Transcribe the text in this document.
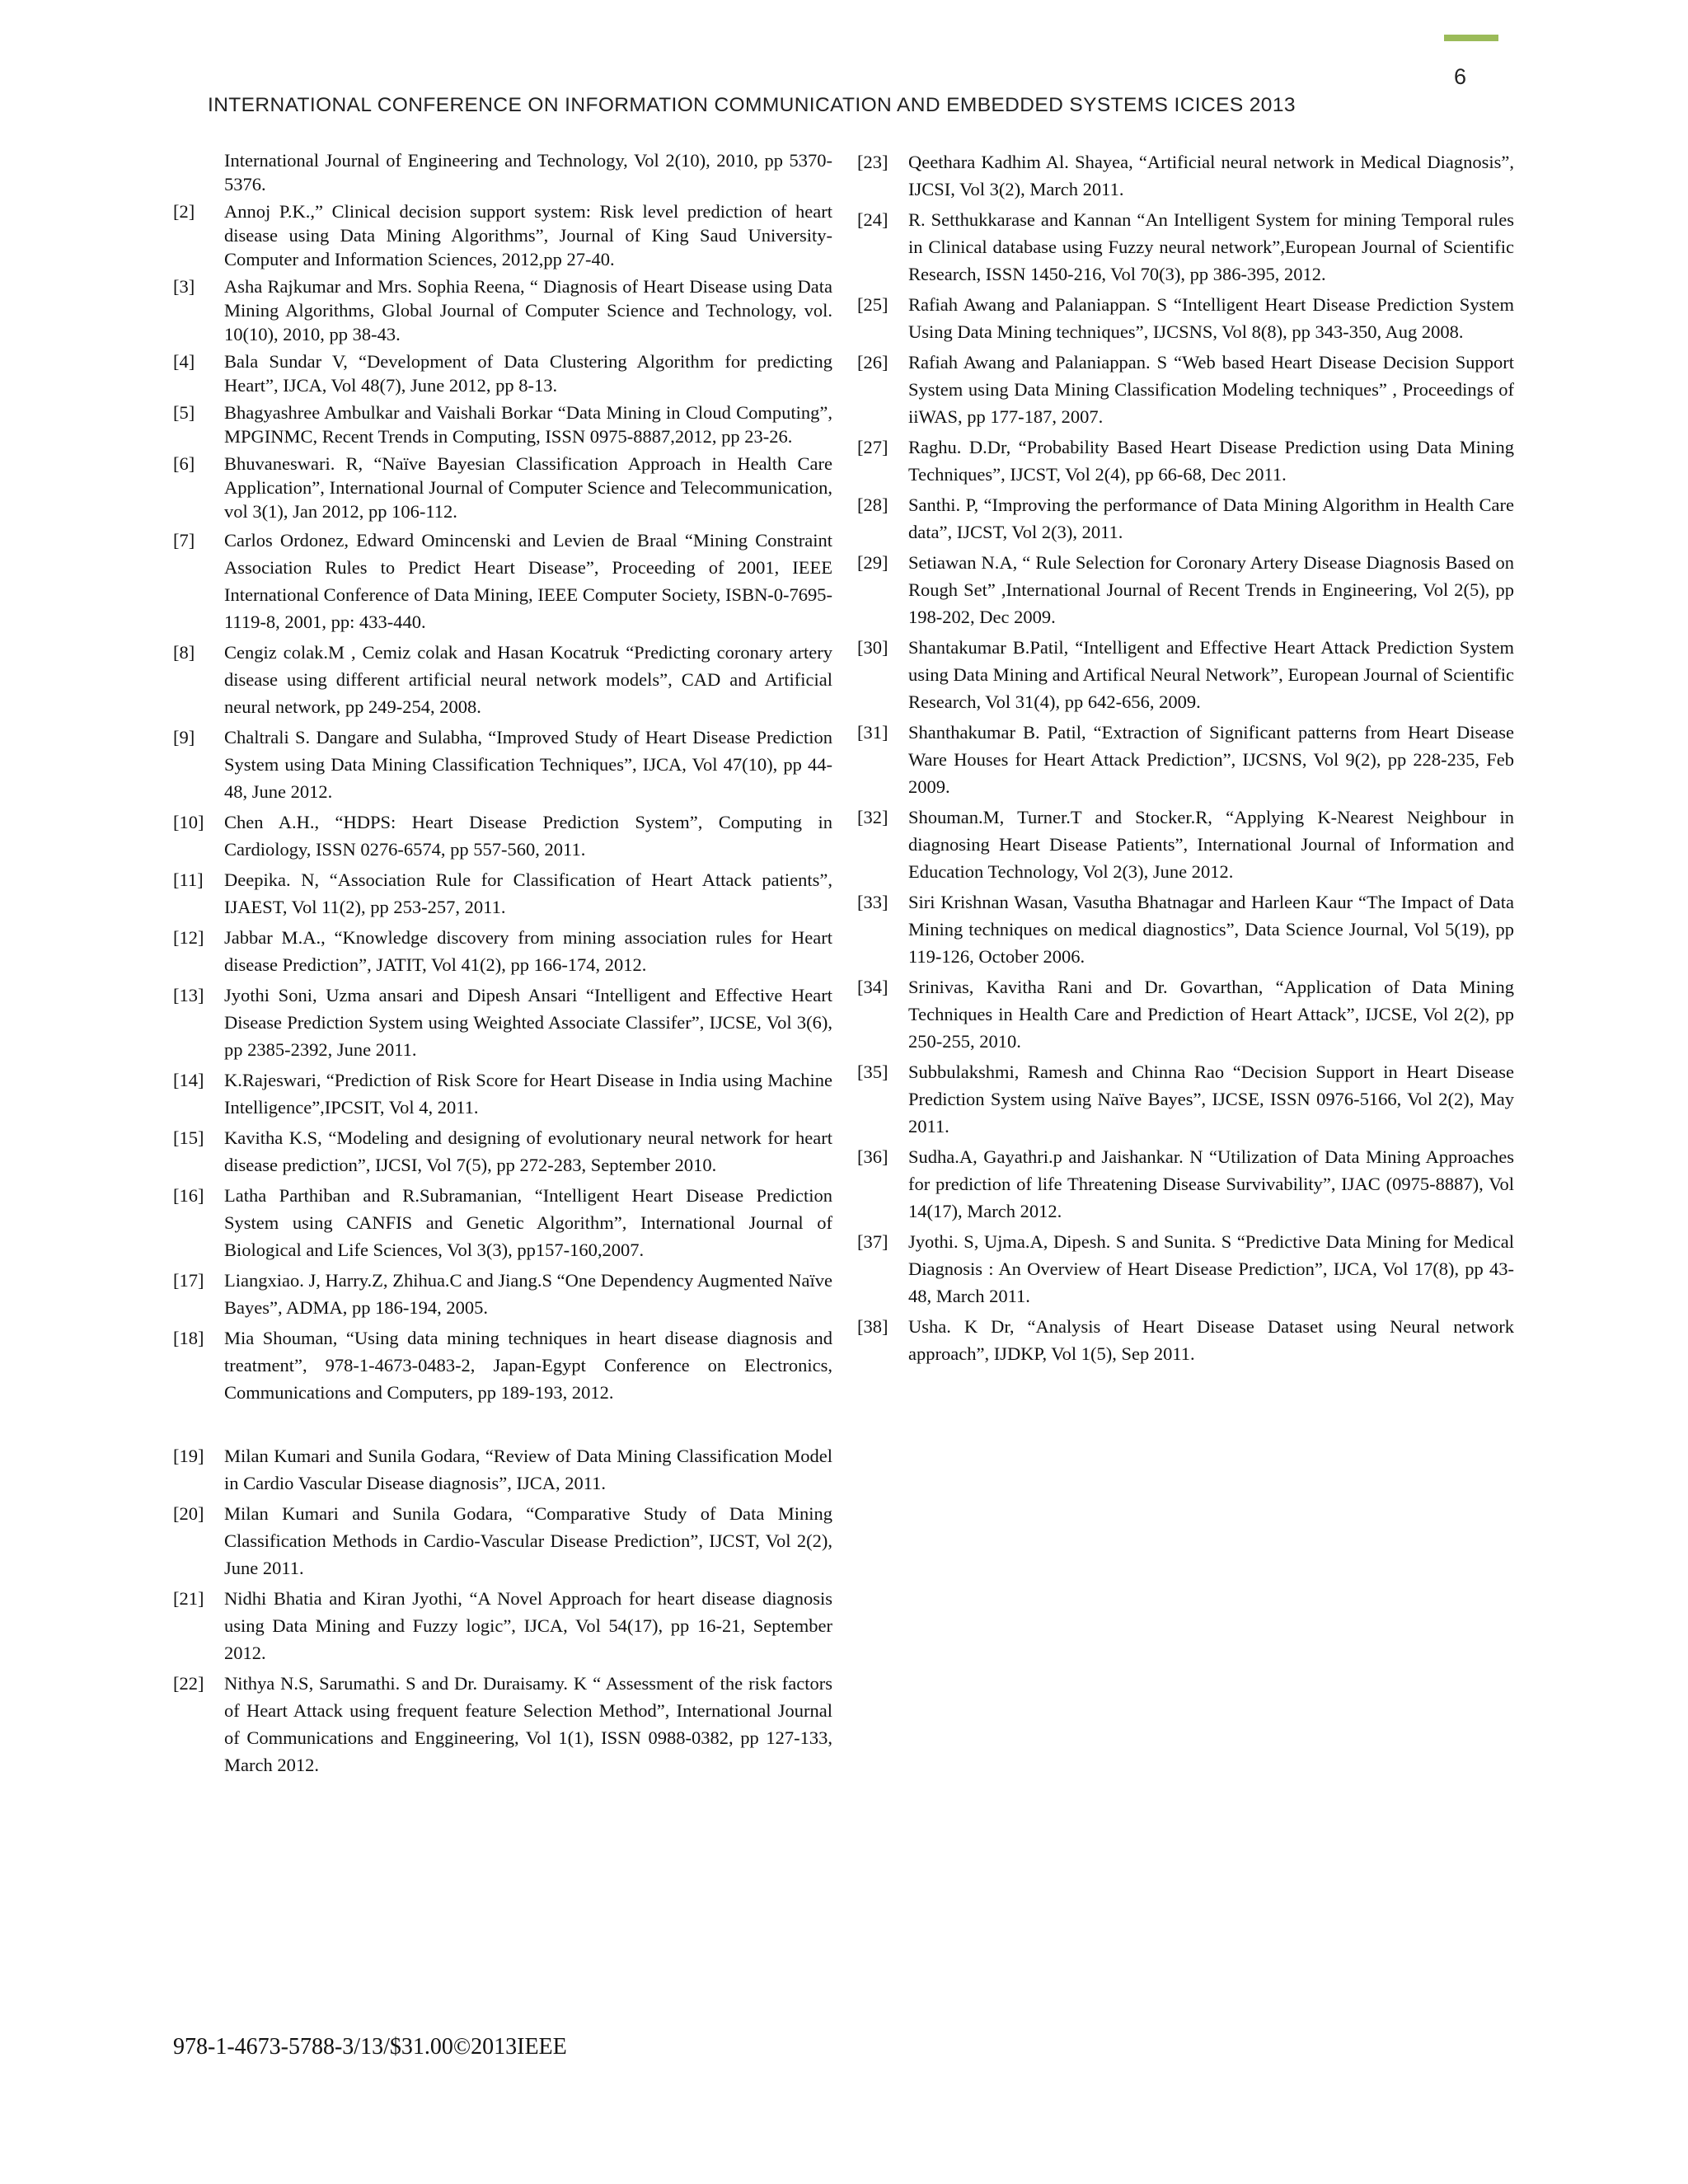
6
INTERNATIONAL CONFERENCE ON INFORMATION COMMUNICATION AND EMBEDDED SYSTEMS ICICES 2013
International Journal of Engineering and Technology, Vol 2(10), 2010, pp 5370-5376.
[2]	Annoj P.K.,” Clinical decision support system: Risk level prediction of heart disease using Data Mining Algorithms”, Journal of King Saud University- Computer and Information Sciences, 2012,pp 27-40.
[3]	Asha Rajkumar and Mrs. Sophia Reena, “ Diagnosis of Heart Disease using Data Mining Algorithms, Global Journal of Computer Science and Technology, vol. 10(10), 2010, pp 38-43.
[4]	Bala Sundar V, “Development of Data Clustering Algorithm for predicting Heart”, IJCA, Vol 48(7), June 2012, pp 8-13.
[5]	Bhagyashree Ambulkar and Vaishali Borkar “Data Mining in Cloud Computing”, MPGINMC, Recent Trends in Computing, ISSN 0975-8887,2012, pp 23-26.
[6]	Bhuvaneswari. R, “Naïve Bayesian Classification Approach in Health Care Application”, International Journal of Computer Science and Telecommunication, vol 3(1), Jan 2012, pp 106-112.
[7]	Carlos Ordonez, Edward Omincenski and Levien de Braal “Mining Constraint Association Rules to Predict Heart Disease”, Proceeding of 2001, IEEE International Conference of Data Mining, IEEE Computer Society, ISBN-0-7695-1119-8, 2001, pp: 433-440.
[8]	Cengiz colak.M , Cemiz colak and Hasan Kocatruk “Predicting coronary artery disease using different artificial neural network models”, CAD and Artificial neural network, pp 249-254, 2008.
[9]	Chaltrali S. Dangare and Sulabha, “Improved Study of Heart Disease Prediction System using Data Mining Classification Techniques”, IJCA, Vol 47(10), pp 44-48, June 2012.
[10]	Chen A.H., “HDPS: Heart Disease Prediction System”, Computing in Cardiology, ISSN 0276-6574, pp 557-560, 2011.
[11]	Deepika. N, “Association Rule for Classification of Heart Attack patients”, IJAEST, Vol 11(2), pp 253-257, 2011.
[12]	Jabbar M.A., “Knowledge discovery from mining association rules for Heart disease Prediction”, JATIT, Vol 41(2), pp 166-174, 2012.
[13]	Jyothi Soni, Uzma ansari and Dipesh Ansari “Intelligent and Effective Heart Disease Prediction System using Weighted Associate Classifer”, IJCSE, Vol 3(6), pp 2385-2392, June 2011.
[14]	K.Rajeswari, “Prediction of Risk Score for Heart Disease in India using Machine Intelligence”,IPCSIT, Vol 4, 2011.
[15]	Kavitha K.S, “Modeling and designing of evolutionary neural network for heart disease prediction”, IJCSI, Vol 7(5), pp 272-283, September 2010.
[16]	Latha Parthiban and R.Subramanian, “Intelligent Heart Disease Prediction System using CANFIS and Genetic Algorithm”, International Journal of Biological and Life Sciences, Vol 3(3), pp157-160,2007.
[17]	Liangxiao. J, Harry.Z, Zhihua.C and Jiang.S “One Dependency Augmented Naïve Bayes”, ADMA, pp 186-194, 2005.
[18]	Mia Shouman, “Using data mining techniques in heart disease diagnosis and treatment”, 978-1-4673-0483-2, Japan-Egypt Conference on Electronics, Communications and Computers, pp 189-193, 2012.
[19]	Milan Kumari and Sunila Godara, “Review of Data Mining Classification Model in Cardio Vascular Disease diagnosis”, IJCA, 2011.
[20]	Milan Kumari and Sunila Godara, “Comparative Study of Data Mining Classification Methods in Cardio-Vascular Disease Prediction”, IJCST, Vol 2(2), June 2011.
[21]	Nidhi Bhatia and Kiran Jyothi, “A Novel Approach for heart disease diagnosis using Data Mining and Fuzzy logic”, IJCA, Vol 54(17), pp 16-21, September 2012.
[22]	Nithya N.S, Sarumathi. S and Dr. Duraisamy. K “ Assessment of the risk factors of Heart Attack using frequent feature Selection Method”, International Journal of Communications and Enggineering, Vol 1(1), ISSN 0988-0382, pp 127-133, March 2012.
[23]	Qeethara Kadhim Al. Shayea, “Artificial neural network in Medical Diagnosis”, IJCSI, Vol 3(2), March 2011.
[24]	R. Setthukkarase and Kannan “An Intelligent System for mining Temporal rules in Clinical database using Fuzzy neural network”,European Journal of Scientific Research, ISSN 1450-216, Vol 70(3), pp 386-395, 2012.
[25]	Rafiah Awang and Palaniappan. S “Intelligent Heart Disease Prediction System Using Data Mining techniques”, IJCSNS, Vol 8(8), pp 343-350, Aug 2008.
[26]	Rafiah Awang and Palaniappan. S “Web based Heart Disease Decision Support System using Data Mining Classification Modeling techniques” , Proceedings of iiWAS, pp 177-187, 2007.
[27]	Raghu. D.Dr, “Probability Based Heart Disease Prediction using Data Mining Techniques”, IJCST, Vol 2(4), pp 66-68, Dec 2011.
[28]	Santhi. P, “Improving the performance of Data Mining Algorithm in Health Care data”, IJCST, Vol 2(3), 2011.
[29]	Setiawan N.A, “ Rule Selection for Coronary Artery Disease Diagnosis Based on Rough Set” ,International Journal of Recent Trends in Engineering, Vol 2(5), pp 198-202, Dec 2009.
[30]	Shantakumar B.Patil, “Intelligent and Effective Heart Attack Prediction System using Data Mining and Artifical Neural Network”, European Journal of Scientific Research, Vol 31(4), pp 642-656, 2009.
[31]	Shanthakumar B. Patil, “Extraction of Significant patterns from Heart Disease Ware Houses for Heart Attack Prediction”, IJCSNS, Vol 9(2), pp 228-235, Feb 2009.
[32]	Shouman.M, Turner.T and Stocker.R, “Applying K-Nearest Neighbour in diagnosing Heart Disease Patients”, International Journal of Information and Education Technology, Vol 2(3), June 2012.
[33]	Siri Krishnan Wasan, Vasutha Bhatnagar and Harleen Kaur “The Impact of Data Mining techniques on medical diagnostics”, Data Science Journal, Vol 5(19), pp 119-126, October 2006.
[34]	Srinivas, Kavitha Rani and Dr. Govarthan, “Application of Data Mining Techniques in Health Care and Prediction of Heart Attack”, IJCSE, Vol 2(2), pp 250-255, 2010.
[35]	Subbulakshmi, Ramesh and Chinna Rao “Decision Support in Heart Disease Prediction System using Naïve Bayes”, IJCSE, ISSN 0976-5166, Vol 2(2), May 2011.
[36]	Sudha.A, Gayathri.p and Jaishankar. N “Utilization of Data Mining Approaches for prediction of life Threatening Disease Survivability”, IJAC (0975-8887), Vol 14(17), March 2012.
[37]	Jyothi. S, Ujma.A, Dipesh. S and Sunita. S “Predictive Data Mining for Medical Diagnosis : An Overview of Heart Disease Prediction”, IJCA, Vol 17(8), pp 43-48, March 2011.
[38]	Usha. K Dr, “Analysis of Heart Disease Dataset using Neural network approach”, IJDKP, Vol 1(5), Sep 2011.
978-1-4673-5788-3/13/$31.00©2013IEEE
